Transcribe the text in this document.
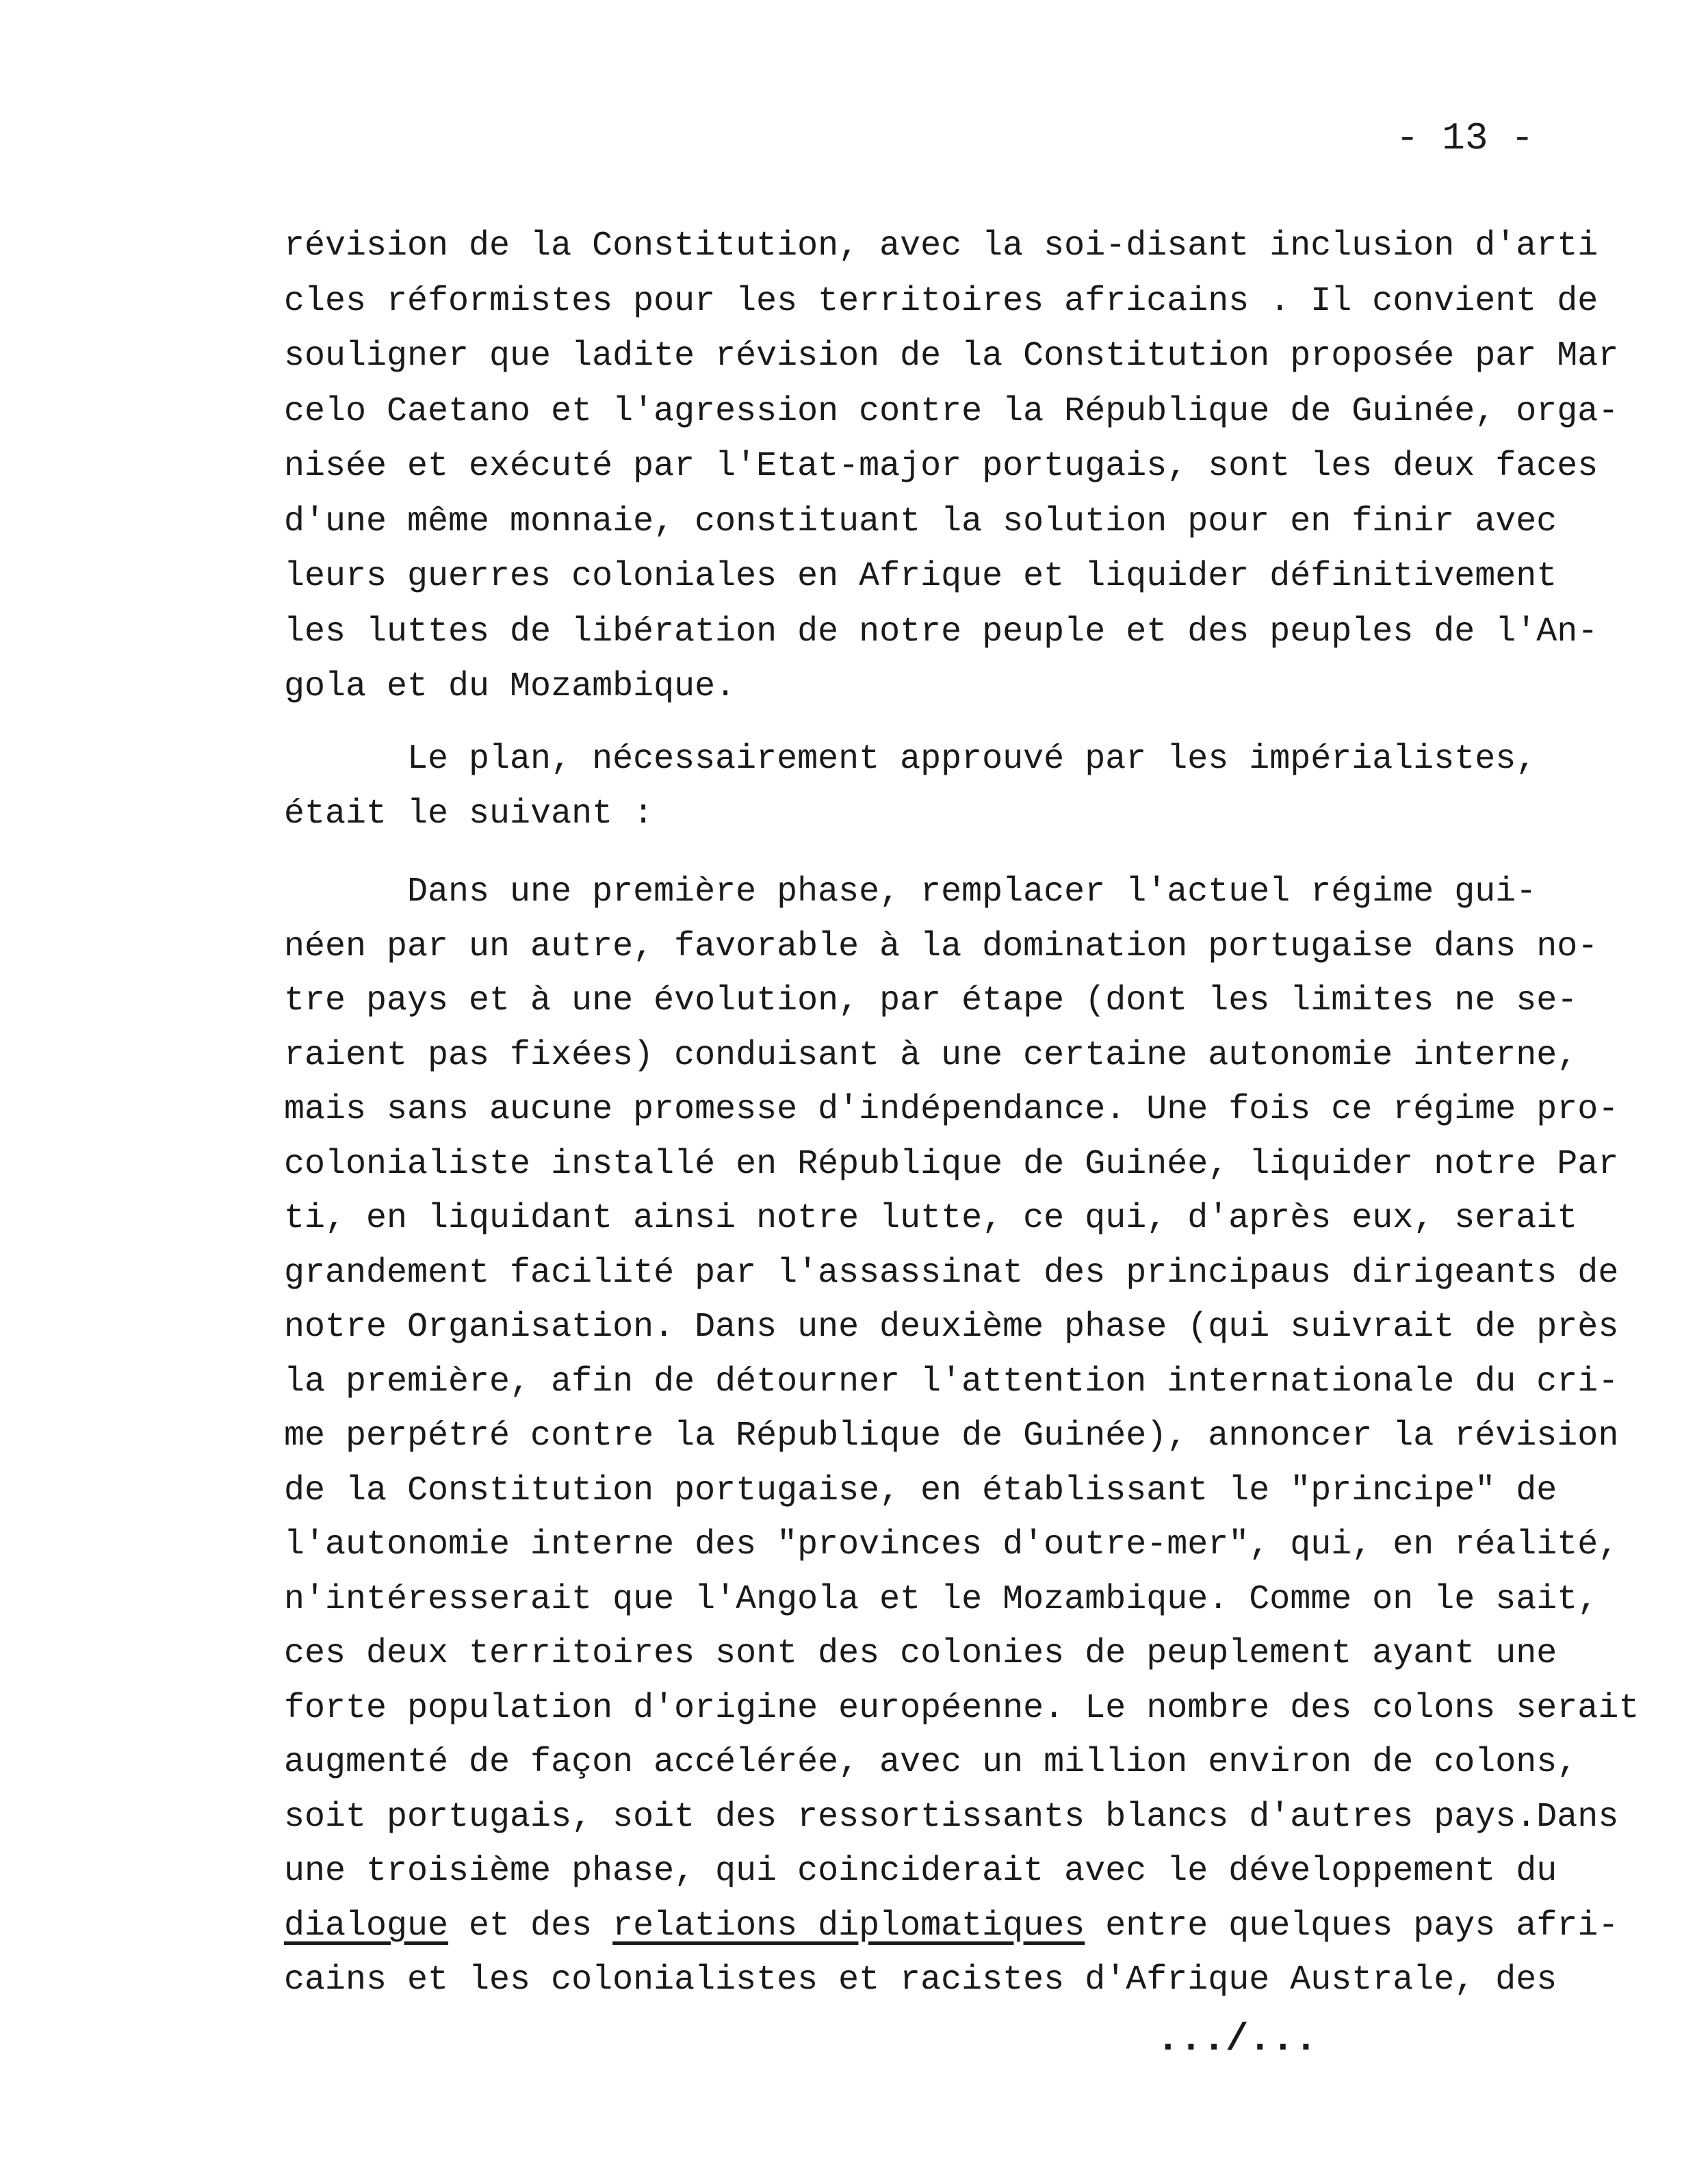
- 13 -
révision de la Constitution, avec la soi-disant inclusion d'arti
cles réformistes pour les territoires africains . Il convient de
souligner que ladite révision de la Constitution proposée par Mar
celo Caetano et l'agression contre la République de Guinée, orga-
nisée et exécuté par l'Etat-major portugais, sont les deux faces
d'une même monnaie, constituant la solution pour en finir avec
leurs guerres coloniales en Afrique et liquider définitivement
les luttes de libération de notre peuple et des peuples de l'An-
gola et du Mozambique.
Le plan, nécessairement approuvé par les impérialistes,
était le suivant :
Dans une première phase, remplacer l'actuel régime gui-
néen par un autre, favorable à la domination portugaise dans no-
tre pays et à une évolution, par étape (dont les limites ne se-
raient pas fixées) conduisant à une certaine autonomie interne,
mais sans aucune promesse d'indépendance. Une fois ce régime pro-
colonialiste installé en République de Guinée, liquider notre Par
ti, en liquidant ainsi notre lutte, ce qui, d'après eux, serait
grandement facilité par l'assassinat des principaus dirigeants de
notre Organisation. Dans une deuxième phase (qui suivrait de près
la première, afin de détourner l'attention internationale du cri-
me perpétré contre la République de Guinée), annoncer la révision
de la Constitution portugaise, en établissant le "principe" de
l'autonomie interne des "provinces d'outre-mer", qui, en réalité,
n'intéresserait que l'Angola et le Mozambique. Comme on le sait,
ces deux territoires sont des colonies de peuplement ayant une
forte population d'origine européenne. Le nombre des colons serait
augmenté de façon accélérée, avec un million environ de colons,
soit portugais, soit des ressortissants blancs d'autres pays.Dans
une troisième phase, qui coinciderait avec le développement du
dialogue et des relations diplomatiques entre quelques pays afri-
cains et les colonialistes et racistes d'Afrique Australe, des
.../...
